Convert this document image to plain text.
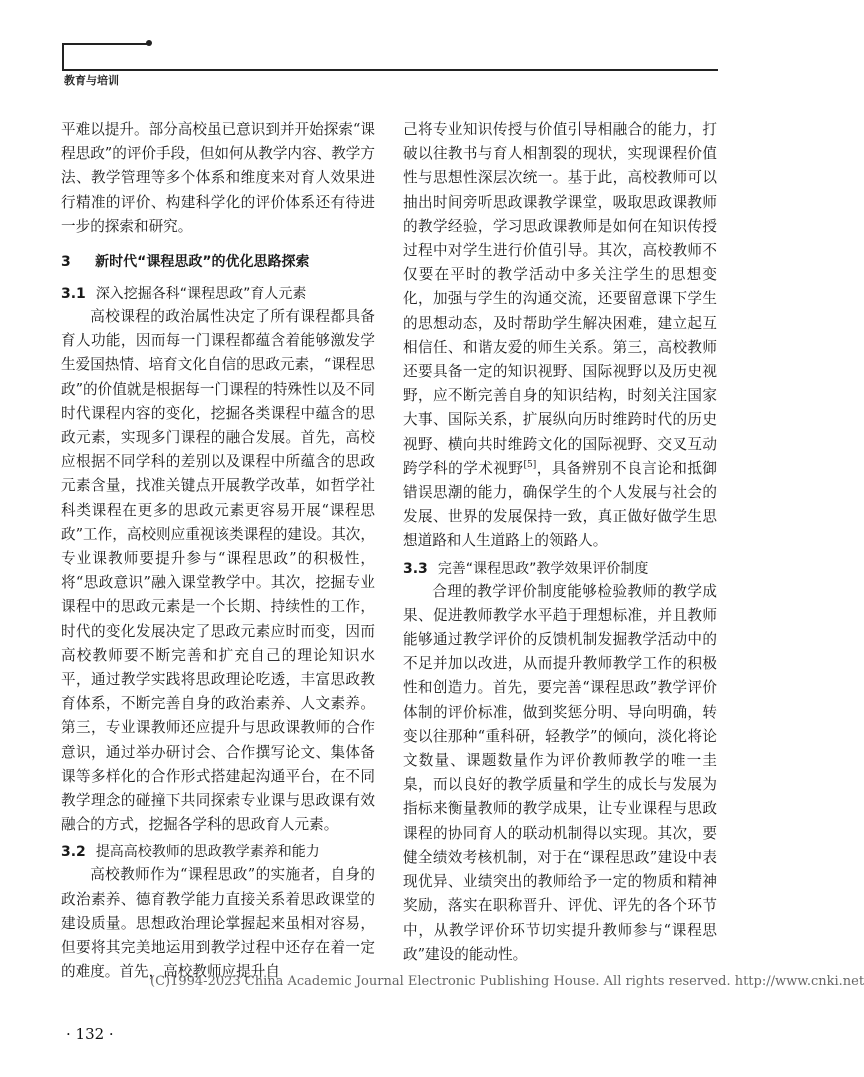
教育与培训

平难以提升。部分高校虽已意识到并开始探索“课程思政”的评价手段，但如何从教学内容、教学方法、教学管理等多个体系和维度来对育人效果进行精准的评价、构建科学化的评价体系还有待进一步的探索和研究。

3 新时代“课程思政”的优化思路探索
3.1 深入挖掘各科“课程思政”育人元素

高校课程的政治属性决定了所有课程都具备育人功能，因而每一门课程都蕴含着能够激发学生爱国热情、培育文化自信的思政元素，“课程思政”的价值就是根据每一门课程的特殊性以及不同时代课程内容的变化，挖掘各类课程中蕴含的思政元素，实现多门课程的融合发展。首先，高校应根据不同学科的差别以及课程中所蕴含的思政元素含量，找准关键点开展教学改革，如哲学社科类课程在更多的思政元素更容易开展“课程思政”工作，高校则应重视该类课程的建设。其次，专业课教师要提升参与“课程思政”的积极性，将“思政意识”融入课堂教学中。其次，挖掘专业课程中的思政元素是一个长期、持续性的工作，时代的变化发展决定了思政元素应时而变，因而高校教师要不断完善和扩充自己的理论知识水平，通过教学实践将思政理论吃透，丰富思政教育体系，不断完善自身的政治素养、人文素养。第三，专业课教师还应提升与思政课教师的合作意识，通过举办研讨会、合作撰写论文、集体备课等多样化的合作形式搭建起沟通平台，在不同教学理念的碰撞下共同探索专业课与思政课有效融合的方式，挖掘各学科的思政育人元素。

3.2 提高高校教师的思政教学素养和能力

高校教师作为“课程思政”的实施者，自身的政治素养、德育教学能力直接关系着思政课堂的建设质量。思想政治理论掌握起来虽相对容易，但要将其完美地运用到教学过程中还存在着一定的难度。首先，高校教师应提升自

己将专业知识传授与价值引导相融合的能力，打破以往教书与育人相割裂的现状，实现课程价值性与思想性深层次统一。基于此，高校教师可以抽出时间旁听思政课教学课堂，吸取思政课教师的教学经验，学习思政课教师是如何在知识传授过程中对学生进行价值引导。其次，高校教师不仅要在平时的教学活动中多关注学生的思想变化，加强与学生的沟通交流，还要留意课下学生的思想动态，及时帮助学生解决困难，建立起互相信任、和谐友爱的师生关系。第三，高校教师还要具备一定的知识视野、国际视野以及历史视野，应不断完善自身的知识结构，时刻关注国家大事、国际关系，扩展纵向历时维跨时代的历史视野、横向共时维跨文化的国际视野、交叉互动跨学科的学术视野[5]，具备辨别不良言论和抵御错误思潮的能力，确保学生的个人发展与社会的发展、世界的发展保持一致，真正做好做学生思想道路和人生道路上的领路人。

3.3 完善“课程思政”教学效果评价制度

合理的教学评价制度能够检验教师的教学成果、促进教师教学水平趋于理想标准，并且教师能够通过教学评价的反馈机制发掘教学活动中的不足并加以改进，从而提升教师教学工作的积极性和创造力。首先，要完善“课程思政”教学评价体制的评价标准，做到奖惩分明、导向明确，转变以往那种“重科研，轻教学”的倾向，淡化将论文数量、课题数量作为评价教师教学的唯一圭臬，而以良好的教学质量和学生的成长与发展为指标来衡量教师的教学成果，让专业课程与思政课程的协同育人的联动机制得以实现。其次，要健全绩效考核机制，对于在“课程思政”建设中表现优异、业绩突出的教师给予一定的物质和精神奖励，落实在职称晋升、评优、评先的各个环节中，从教学评价环节切实提升教师参与“课程思政”建设的能动性。

(C)1994-2023 China Academic Journal Electronic Publishing House. All rights reserved. http://www.cnki.net
· 132 ·
